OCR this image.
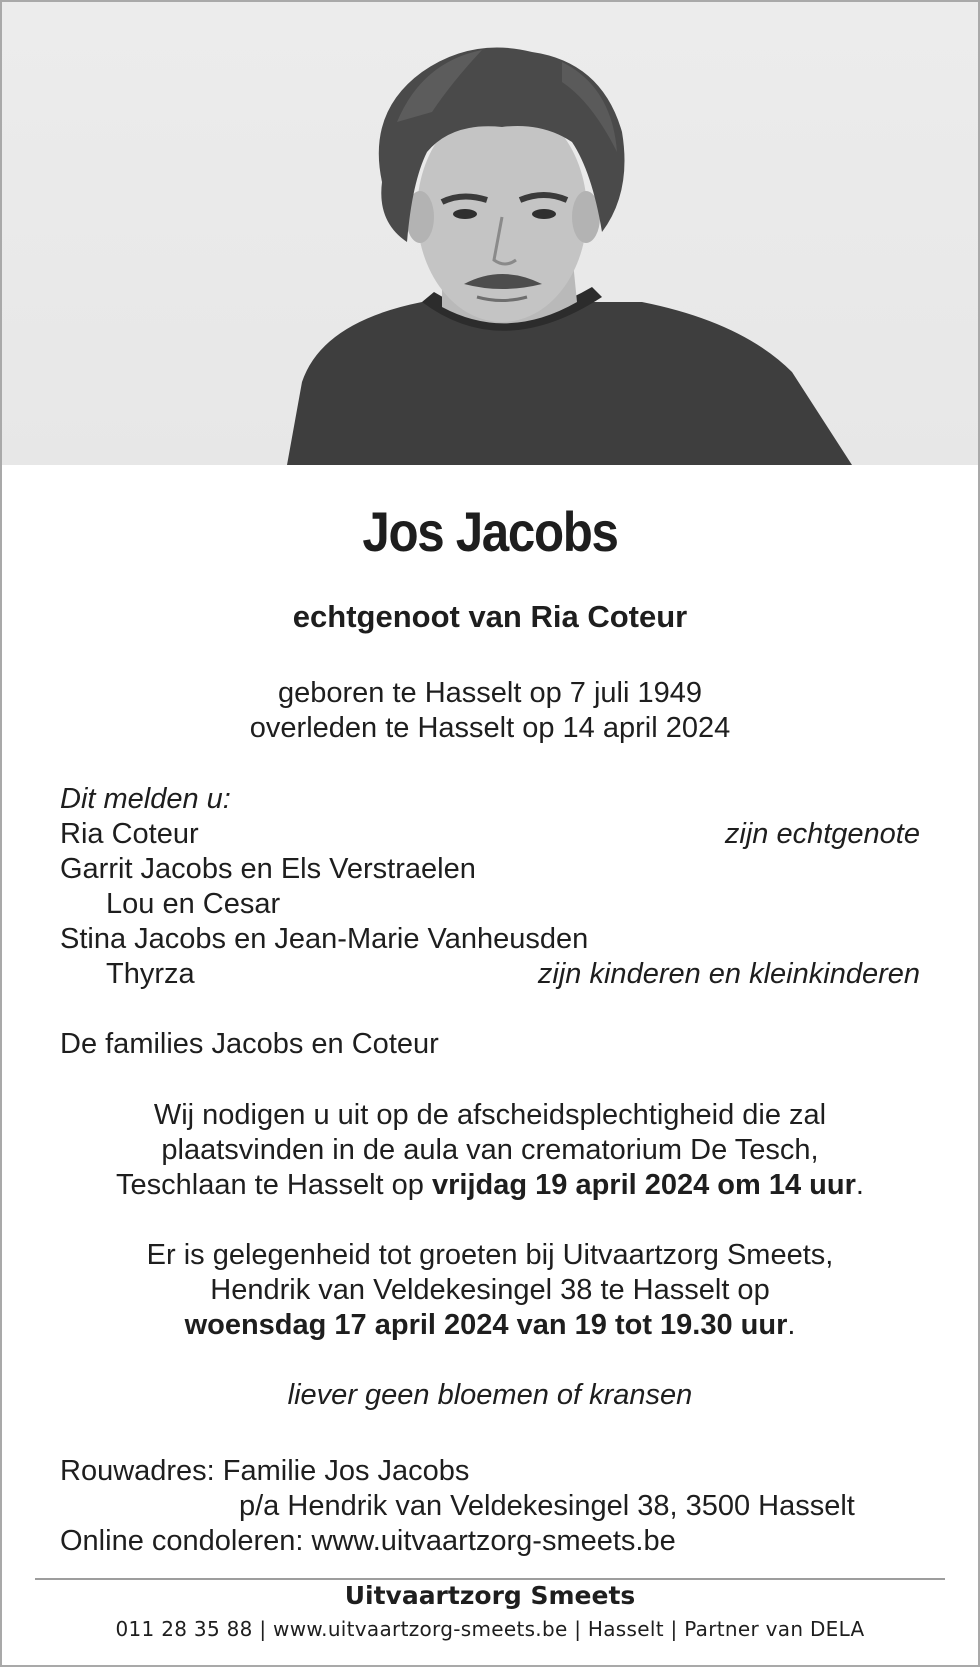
Jos Jacobs
echtgenoot van Ria Coteur
geboren te Hasselt op 7 juli 1949
overleden te Hasselt op 14 april 2024
Dit melden u:
Ria Coteur	zijn echtgenote
Garrit Jacobs en Els Verstraelen
Lou en Cesar
Stina Jacobs en Jean-Marie Vanheusden
Thyrza	zijn kinderen en kleinkinderen
De families Jacobs en Coteur
Wij nodigen u uit op de afscheidsplechtigheid die zal
plaatsvinden in de aula van crematorium De Tesch,
Teschlaan te Hasselt op vrijdag 19 april 2024 om 14 uur.
Er is gelegenheid tot groeten bij Uitvaartzorg Smeets,
Hendrik van Veldekesingel 38 te Hasselt op
woensdag 17 april 2024 van 19 tot 19.30 uur.
liever geen bloemen of kransen
Rouwadres: Familie Jos Jacobs
p/a Hendrik van Veldekesingel 38, 3500 Hasselt
Online condoleren: www.uitvaartzorg-smeets.be
Uitvaartzorg Smeets
011 28 35 88 | www.uitvaartzorg-smeets.be | Hasselt | Partner van DELA
